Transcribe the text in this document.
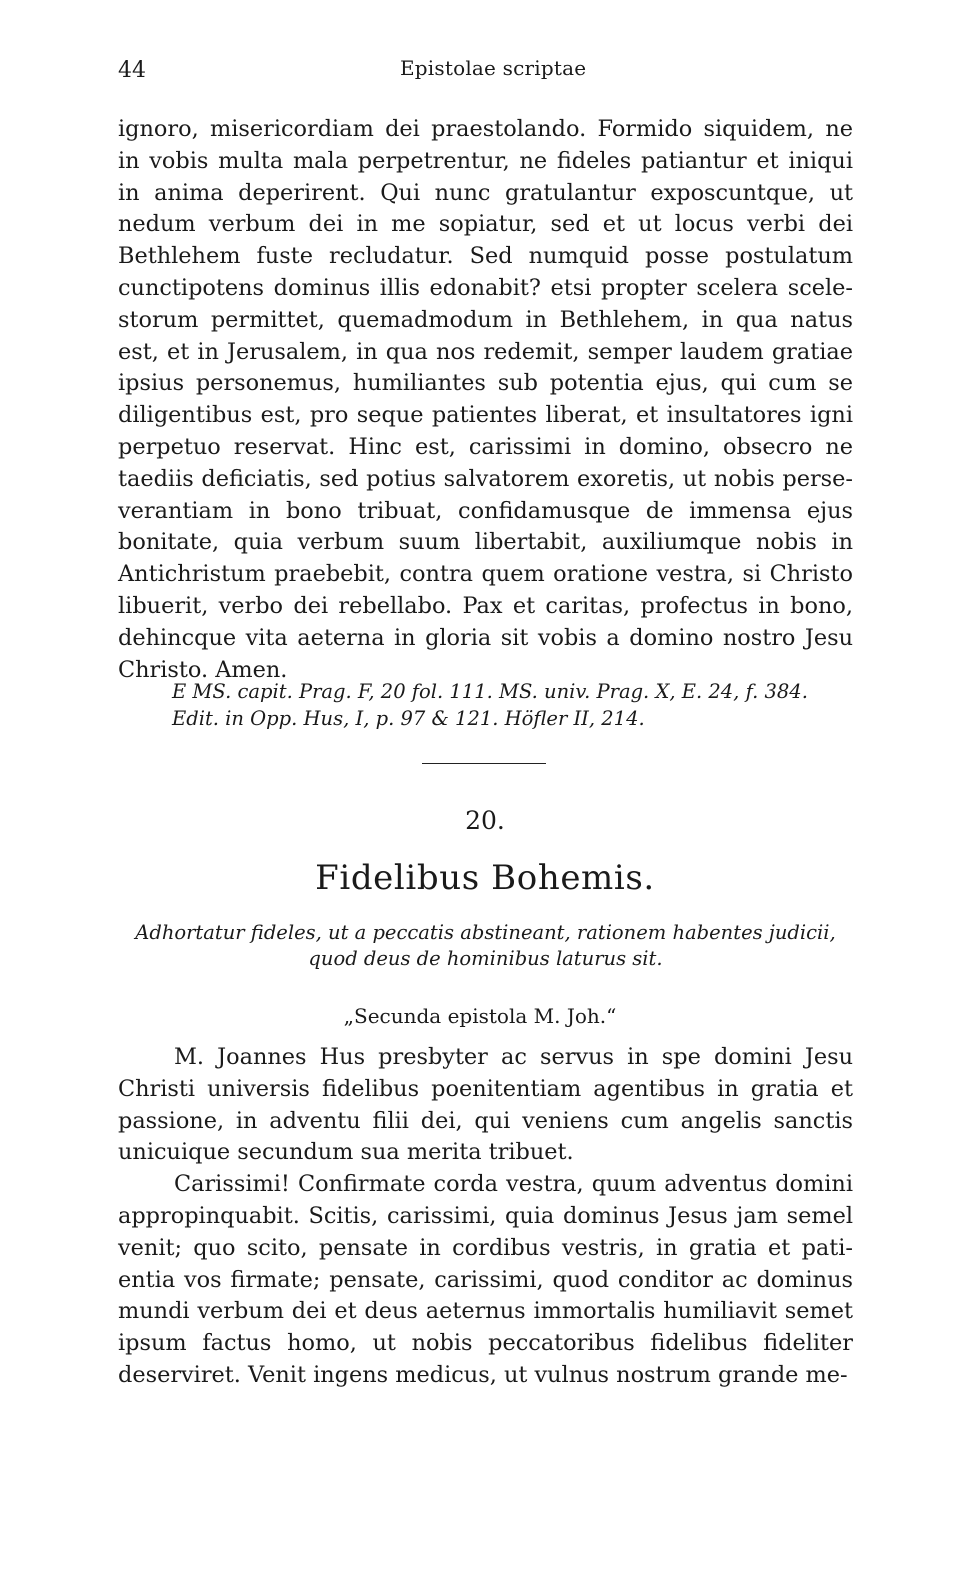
44	Epistolae scriptae

ignoro, misericordiam dei praestolando. Formido siquidem, ne in vobis multa mala perpetrentur, ne fideles patiantur et iniqui in anima deperirent. Qui nunc gratulantur exposcuntque, ut nedum verbum dei in me sopiatur, sed et ut locus verbi dei Bethlehem fuste recludatur. Sed numquid posse postulatum cunctipotens dominus illis edonabit? etsi propter scelera scelestorum permittet, quemadmodum in Bethlehem, in qua natus est, et in Jerusalem, in qua nos redemit, semper laudem gratiae ipsius personemus, humiliantes sub potentia ejus, qui cum se diligentibus est, pro seque patientes liberat, et insultatores igni perpetuo reservat. Hinc est, carissimi in domino, obsecro ne taediis deficiatis, sed potius salvatorem exoretis, ut nobis perseverantiam in bono tribuat, confidamusque de immensa ejus bonitate, quia verbum suum libertabit, auxiliumque nobis in Antichristum praebebit, contra quem oratione vestra, si Christo libuerit, verbo dei rebellabo. Pax et caritas, profectus in bono, dehincque vita aeterna in gloria sit vobis a domino nostro Jesu Christo. Amen.

E MS. capit. Prag. F, 20 fol. 111. MS. univ. Prag. X, E. 24, f. 384.
Edit. in Opp. Hus, I, p. 97 & 121. Höfler II, 214.
20.
Fidelibus Bohemis.
Adhortatur fideles, ut a peccatis abstineant, rationem habentes judicii, quod deus de hominibus laturus sit.
„Secunda epistola M. Joh.“

M. Joannes Hus presbyter ac servus in spe domini Jesu Christi universis fidelibus poenitentiam agentibus in gratia et passione, in adventu filii dei, qui veniens cum angelis sanctis unicuique secundum sua merita tribuet.

Carissimi! Confirmate corda vestra, quum adventus domini appropinquabit. Scitis, carissimi, quia dominus Jesus jam semel venit; quo scito, pensate in cordibus vestris, in gratia et patientia vos firmate; pensate, carissimi, quod conditor ac dominus mundi verbum dei et deus aeternus immortalis humiliavit semet ipsum factus homo, ut nobis peccatoribus fidelibus fideliter deserviret. Venit ingens medicus, ut vulnus nostrum grande me-
